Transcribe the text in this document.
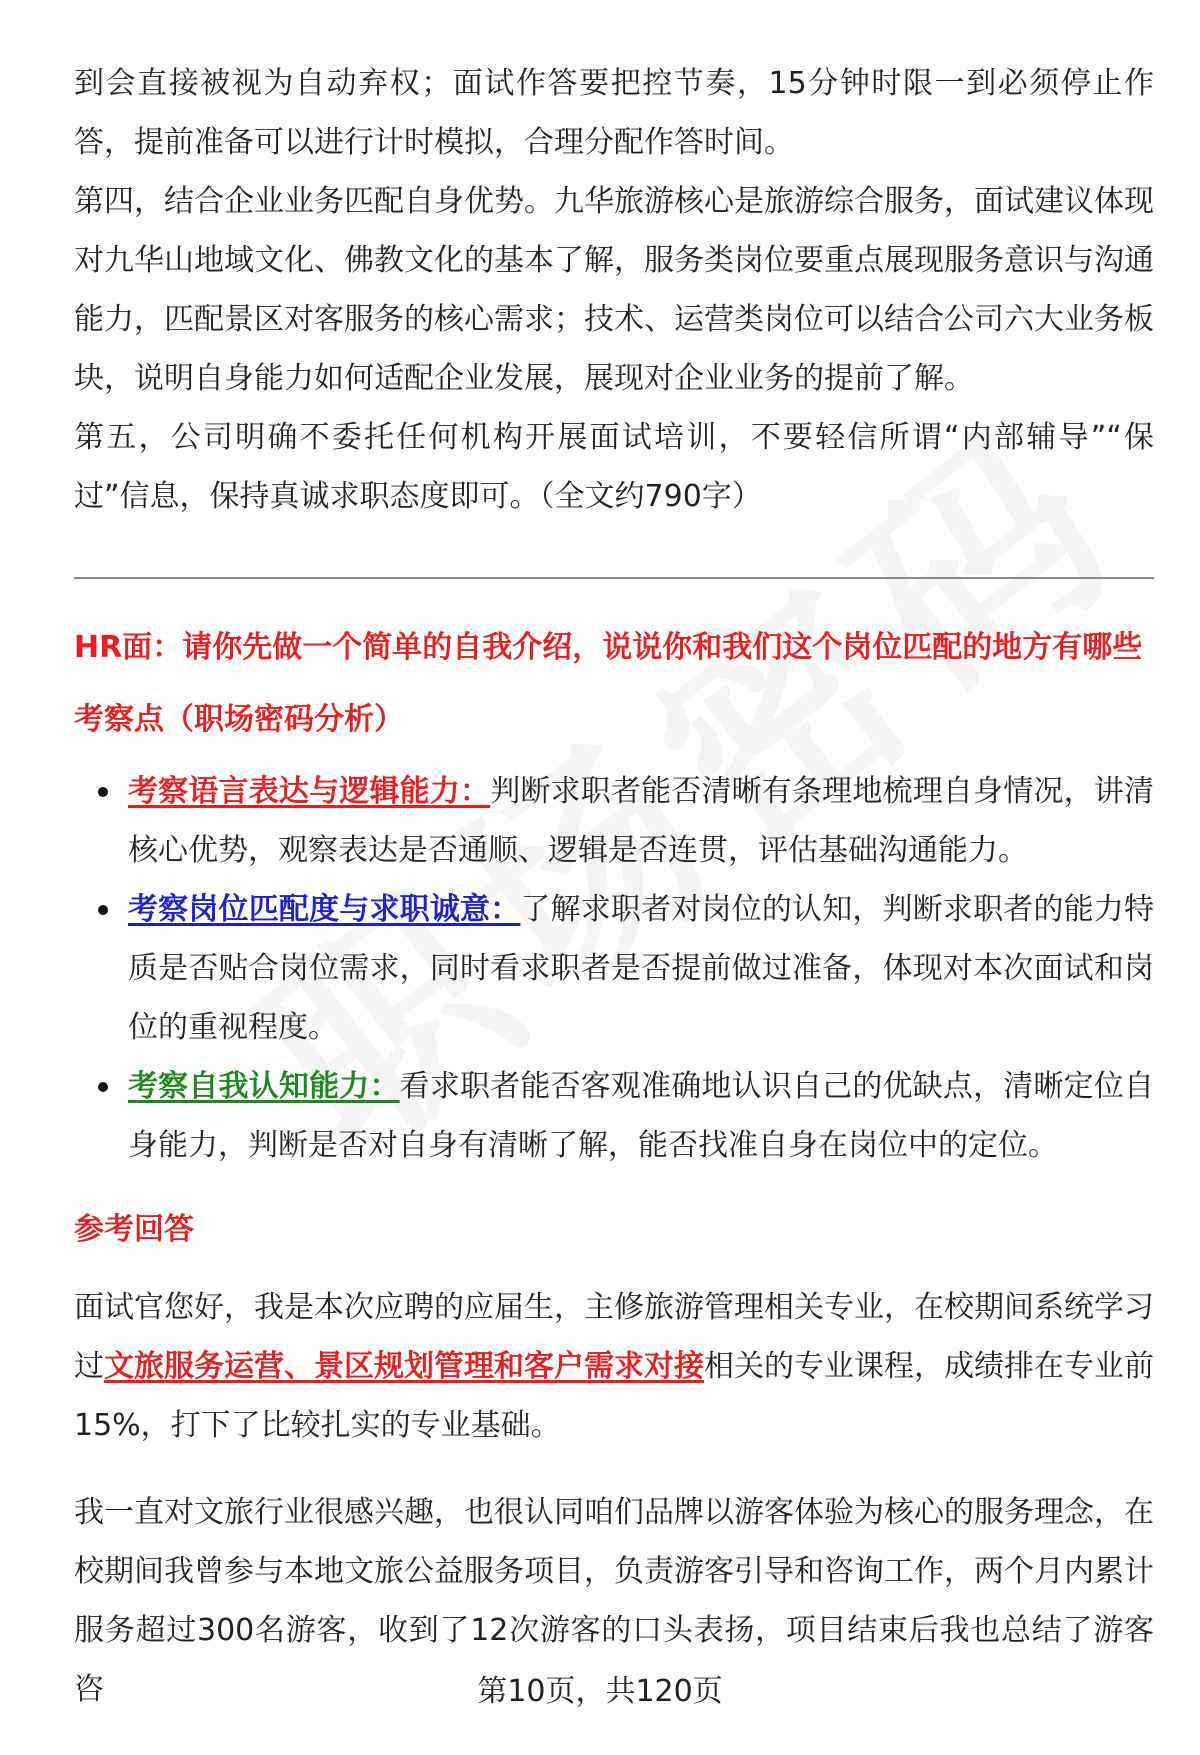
到会直接被视为自动弃权；面试作答要把控节奏，15分钟时限一到必须停止作答，提前准备可以进行计时模拟，合理分配作答时间。

第四，结合企业业务匹配自身优势。九华旅游核心是旅游综合服务，面试建议体现对九华山地域文化、佛教文化的基本了解，服务类岗位要重点展现服务意识与沟通能力，匹配景区对客服务的核心需求；技术、运营类岗位可以结合公司六大业务板块，说明自身能力如何适配企业发展，展现对企业业务的提前了解。

第五，公司明确不委托任何机构开展面试培训，不要轻信所谓“内部辅导”“保过”信息，保持真诚求职态度即可。（全文约790字）

HR面：请你先做一个简单的自我介绍，说说你和我们这个岗位匹配的地方有哪些

考察点（职场密码分析）

考察语言表达与逻辑能力：判断求职者能否清晰有条理地梳理自身情况，讲清核心优势，观察表达是否通顺、逻辑是否连贯，评估基础沟通能力。
考察岗位匹配度与求职诚意：了解求职者对岗位的认知，判断求职者的能力特质是否贴合岗位需求，同时看求职者是否提前做过准备，体现对本次面试和岗位的重视程度。
考察自我认知能力：看求职者能否客观准确地认识自己的优缺点，清晰定位自身能力，判断是否对自身有清晰了解，能否找准自身在岗位中的定位。

参考回答

面试官您好，我是本次应聘的应届生，主修旅游管理相关专业，在校期间系统学习过文旅服务运营、景区规划管理和客户需求对接相关的专业课程，成绩排在专业前15%，打下了比较扎实的专业基础。

我一直对文旅行业很感兴趣，也很认同咱们品牌以游客体验为核心的服务理念，在校期间我曾参与本地文旅公益服务项目，负责游客引导和咨询工作，两个月内累计服务超过300名游客，收到了12次游客的口头表扬，项目结束后我也总结了游客咨	第10页，共120页
